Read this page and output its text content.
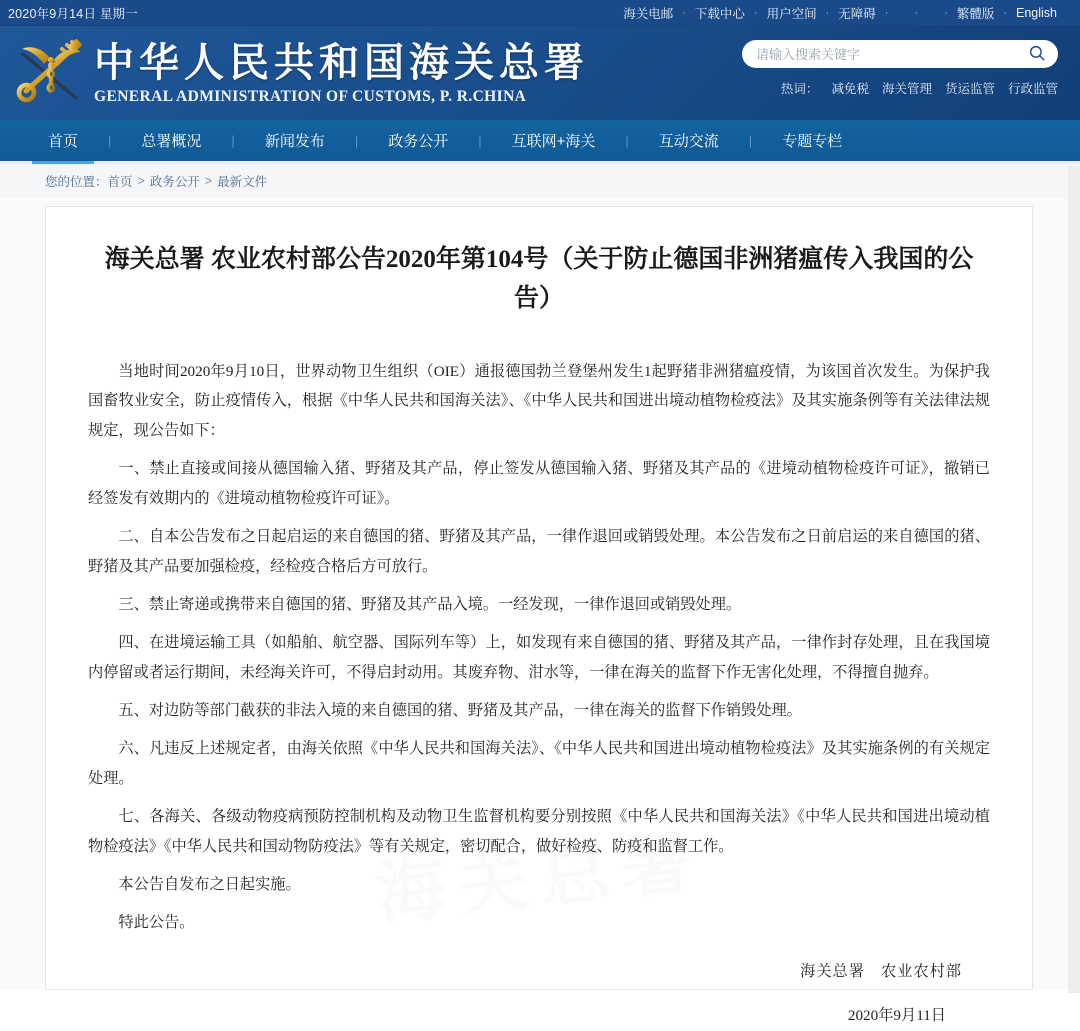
2020年9月14日 星期一	海关电邮 · 下载中心 · 用户空间 · 无障碍 · · · 繁體版 · English
中华人民共和国海关总署
GENERAL ADMINISTRATION OF CUSTOMS, P. R.CHINA
请输入搜索关键字	热词： 减免税 海关管理 货运监管 行政监管
首页	|	总署概况	|	新闻发布	|	政务公开	|	互联网+海关	|	互动交流	|	专题专栏
您的位置： 首页 > 政务公开 > 最新文件
海关总署 农业农村部公告2020年第104号（关于防止德国非洲猪瘟传入我国的公告）

当地时间2020年9月10日，世界动物卫生组织（OIE）通报德国勃兰登堡州发生1起野猪非洲猪瘟疫情，为该国首次发生。为保护我国畜牧业安全，防止疫情传入，根据《中华人民共和国海关法》、《中华人民共和国进出境动植物检疫法》及其实施条例等有关法律法规规定，现公告如下：

一、禁止直接或间接从德国输入猪、野猪及其产品，停止签发从德国输入猪、野猪及其产品的《进境动植物检疫许可证》，撤销已经签发有效期内的《进境动植物检疫许可证》。

二、自本公告发布之日起启运的来自德国的猪、野猪及其产品，一律作退回或销毁处理。本公告发布之日前启运的来自德国的猪、野猪及其产品要加强检疫，经检疫合格后方可放行。

三、禁止寄递或携带来自德国的猪、野猪及其产品入境。一经发现，一律作退回或销毁处理。

四、在进境运输工具（如船舶、航空器、国际列车等）上，如发现有来自德国的猪、野猪及其产品，一律作封存处理，且在我国境内停留或者运行期间，未经海关许可，不得启封动用。其废弃物、泔水等，一律在海关的监督下作无害化处理，不得擅自抛弃。

五、对边防等部门截获的非法入境的来自德国的猪、野猪及其产品，一律在海关的监督下作销毁处理。

六、凡违反上述规定者，由海关依照《中华人民共和国海关法》、《中华人民共和国进出境动植物检疫法》及其实施条例的有关规定处理。

七、各海关、各级动物疫病预防控制机构及动物卫生监督机构要分别按照《中华人民共和国海关法》《中华人民共和国进出境动植物检疫法》《中华人民共和国动物防疫法》等有关规定，密切配合，做好检疫、防疫和监督工作。

本公告自发布之日起实施。

特此公告。

海关总署　农业农村部
2020年9月11日
